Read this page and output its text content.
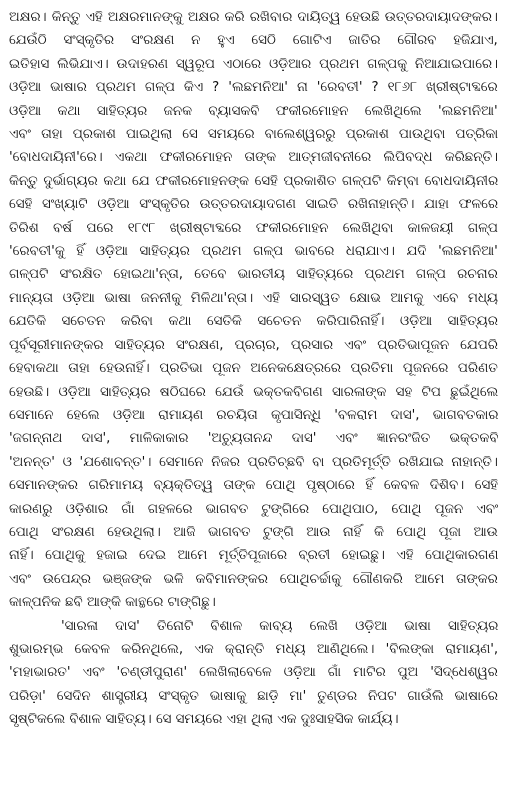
ଅକ୍ଷର। କିନ୍ତୁ ଏହି ଅକ୍ଷରମାନଙ୍କୁ ଅକ୍ଷର କରି ରଖିବାର ଦାୟିତ୍ୱ ହେଉଛି ଉତ୍ତରଦାୟାଦଙ୍କର।
ଯେଉଁଠି ସଂସ୍କୃତିର ସଂରକ୍ଷଣ ନ ହୁଏ ସେଠି ଗୋଟିଏ ଜାତିର ଗୌରବ ହଜିଯାଏ,
ଇତିହାସ ଲିଭିଯାଏ। ଉଦାହରଣ ସ୍ୱରୂପ ଏଠାରେ ଓଡ଼ିଆର ପ୍ରଥମ ଗଳ୍ପକୁ ନିଆଯାଇପାରେ।
ଓଡ଼ିଆ ଭାଷାର ପ୍ରଥମ ଗଳ୍ପ କିଏ ? 'ଲଛମନିଆ' ନା 'ରେବତୀ' ? ୧୮୬୮ ଖ୍ରୀଷ୍ଟାବ୍ଦରେ
ଓଡ଼ିଆ କଥା ସାହିତ୍ୟର ଜନକ ବ୍ୟାସକବି ଫକୀରମୋହନ ଲେଖିଥିଲେ 'ଲଛମନିଆ'
ଏବଂ ତାହା ପ୍ରକାଶ ପାଇଥିଲା ସେ ସମୟରେ ବାଲେଶ୍ୱରରୁ ପ୍ରକାଶ ପାଉଥିବା ପତ୍ରିକା
'ବୋଧଦାୟିନୀ'ରେ। ଏକଥା ଫକୀରମୋହନ ତାଙ୍କ ଆତ୍ମଜୀବନୀରେ ଲିପିବଦ୍ଧ କରିଛନ୍ତି।
କିନ୍ତୁ ଦୁର୍ଭାଗ୍ୟର କଥା ଯେ ଫକୀରମୋହନଙ୍କ ସେହି ପ୍ରକାଶିତ ଗଳ୍ପଟି କିମ୍ବା ବୋଧଦାୟିନୀର
ସେହି ସଂଖ୍ୟାଟି ଓଡ଼ିଆ ସଂସ୍କୃତିର ଉତ୍ତରଦାୟାଦଗଣ ସାଇତି ରଖିନାହାନ୍ତି। ଯାହା ଫଳରେ
ତିରିଶ ବର୍ଷ ପରେ ୧୮୯୮ ଖ୍ରୀଷ୍ଟାବ୍ଦରେ ଫକୀରମୋହନ ଲେଖିଥିବା କାଳଜୟୀ ଗଳ୍ପ
'ରେବତୀ'କୁ ହିଁ ଓଡ଼ିଆ ସାହିତ୍ୟର ପ୍ରଥମ ଗଳ୍ପ ଭାବରେ ଧରାଯାଏ। ଯଦି 'ଲଛମନିଆ'
ଗଳ୍ପଟି ସଂରକ୍ଷିତ ହୋଇଥା'ନ୍ତା, ତେବେ ଭାରତୀୟ ସାହିତ୍ୟରେ ପ୍ରଥମ ଗଳ୍ପ ରଚନାର
ମାନ୍ୟତା ଓଡ଼ିଆ ଭାଷା ଜନନୀକୁ ମିଳିଥା'ନ୍ତା। ଏହି ସାରସ୍ୱତ କ୍ଷୋଭ ଆମକୁ ଏବେ ମଧ୍ୟ
ଯେତିକି ସଚେତନ କରିବା କଥା ସେତିକି ସଚେତନ କରିପାରିନାହିଁ। ଓଡ଼ିଆ ସାହିତ୍ୟର
ପୂର୍ବସୂରୀମାନଙ୍କର ସାହିତ୍ୟର ସଂରକ୍ଷଣ, ପ୍ରଚାର, ପ୍ରସାର ଏବଂ ପ୍ରତିଭାପୂଜନ ଯେପରି
ହେବାକଥା ତାହା ହେଉନାହିଁ। ପ୍ରତିଭା ପୂଜନ ଅନେକକ୍ଷେତ୍ରରେ ପ୍ରତିମା ପୂଜନରେ ପରିଣତ
ହେଉଛି। ଓଡ଼ିଆ ସାହିତ୍ୟର ଷଠିଘରେ ଯେଉଁ ଭକ୍ତକବିଗଣ ସାରଳାଙ୍କ ସହ ଟିପ ଛୁଇଁଥିଲେ
ସେମାନେ ହେଲେ ଓଡ଼ିଆ ରାମାୟଣ ରଚୟିତା କୃପାସିନ୍ଧି 'ବଳରାମ ଦାସ', ଭାଗବତକାର
'ଜଗନ୍ନାଥ ଦାସ', ମାଳିକାକାର 'ଅଚ୍ୟୁତାନନ୍ଦ ଦାସ' ଏବଂ ଜ୍ଞାନରଂଜିତ ଭକ୍ତକବି
'ଅନନ୍ତ' ଓ 'ଯଶୋବନ୍ତ'। ସେମାନେ ନିଜର ପ୍ରତିଚ୍ଛବି ବା ପ୍ରତିମୂର୍ତ୍ତି ରଖିଯାଇ ନାହାନ୍ତି।
ସେମାନଙ୍କର ଗରିମାମୟ ବ୍ୟକ୍ତିତ୍ୱ ତାଙ୍କ ପୋଥି ପୃଷ୍ଠାରେ ହିଁ କେବଳ ଦିଶିବ। ସେହି
କାରଣରୁ ଓଡ଼ିଶାର ଗାଁ ଗହଳରେ ଭାଗବତ ଟୁଙ୍ଗିରେ ପୋଥିପାଠ, ପୋଥି ପୂଜନ ଏବଂ
ପୋଥି ସଂରକ୍ଷଣ ହେଉଥିଲା। ଆଜି ଭାଗବତ ଟୁଙ୍ଗି ଆଉ ନାହିଁ କି ପୋଥି ପୂଜା ଆଉ
ନାହିଁ। ପୋଥିକୁ ହଜାଇ ଦେଇ ଆମେ ମୂର୍ତ୍ତିପୂଜାରେ ବ୍ରତୀ ହୋଇଛୁ। ଏହି ପୋଥିକାରଗଣ
ଏବଂ ଉପେନ୍ଦ୍ର ଭଞ୍ଜଙ୍କ ଭଳି କବିମାନଙ୍କର ପୋଥିଚର୍ଚ୍ଚାକୁ ଗୌଣକରି ଆମେ ତାଙ୍କର
କାଳ୍ପନିକ ଛବି ଆଙ୍କି କାନ୍ଥରେ ଟାଙ୍ଗିଛୁ।
'ସାରଳା ଦାସ' ତିନୋଟି ବିଶାଳ କାବ୍ୟ ଲେଖି ଓଡ଼ିଆ ଭାଷା ସାହିତ୍ୟର
ଶୁଭାରମ୍ଭ କେବଳ କରିନଥିଲେ, ଏକ କ୍ରାନ୍ତି ମଧ୍ୟ ଆଣିଥିଲେ। 'ବିଲଙ୍କା ରାମାୟଣ',
'ମହାଭାରତ' ଏବଂ 'ଚଣ୍ଡୀପୁରାଣ' ଲେଖିଲାବେଳେ ଓଡ଼ିଆ ଗାଁ ମାଟିର ପୁଅ 'ସିଦ୍ଧେଶ୍ୱର
ପରିଡ଼ା' ସେଦିନ ଶାସ୍ତ୍ରୀୟ ସଂସ୍କୃତ ଭାଷାକୁ ଛାଡ଼ି ମା' ତୁଣ୍ଡର ନିପଟ ଗାଉଁଲି ଭାଷାରେ
ସୃଷ୍ଟିକଲେ ବିଶାଳ ସାହିତ୍ୟ। ସେ ସମୟରେ ଏହା ଥିଲା ଏକ ଦୁଃସାହସିକ କାର୍ଯ୍ୟ।
